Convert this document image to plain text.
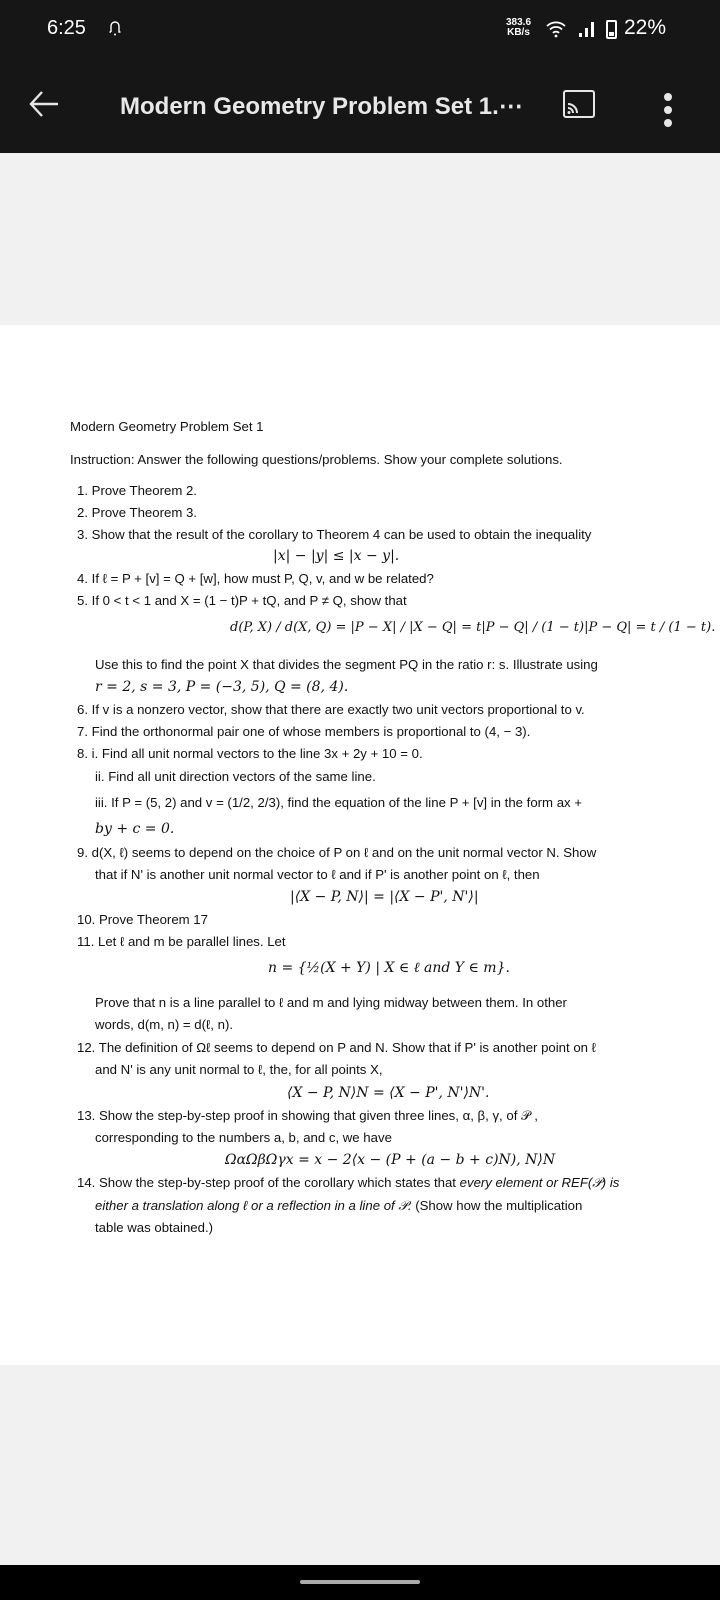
6:25	383.6
KB/s	22%
Modern Geometry Problem Set 1.⋯
Modern Geometry Problem Set 1
Instruction: Answer the following questions/problems. Show your complete solutions.
1. Prove Theorem 2.
2. Prove Theorem 3.
3. Show that the result of the corollary to Theorem 4 can be used to obtain the inequality
|x| − |y| ≤ |x − y|.
4. If ℓ = P + [v] = Q + [w], how must P, Q, v, and w be related?
5. If 0 < t < 1 and X = (1 − t)P + tQ, and P ≠ Q, show that
d(P, X) / d(X, Q) = |P − X| / |X − Q| = t|P − Q| / (1 − t)|P − Q| = t / (1 − t).
Use this to find the point X that divides the segment PQ in the ratio r: s. Illustrate using
r = 2, s = 3, P = (−3, 5), Q = (8, 4).
6. If v is a nonzero vector, show that there are exactly two unit vectors proportional to v.
7. Find the orthonormal pair one of whose members is proportional to (4, − 3).
8. i. Find all unit normal vectors to the line 3x + 2y + 10 = 0.
ii. Find all unit direction vectors of the same line.
iii. If P = (5, 2) and v = (1/2, 2/3), find the equation of the line P + [v] in the form ax +
by + c = 0.
9. d(X, ℓ) seems to depend on the choice of P on ℓ and on the unit normal vector N. Show
that if N' is another unit normal vector to ℓ and if P' is another point on ℓ, then
|⟨X − P, N⟩| = |⟨X − P', N'⟩|
10. Prove Theorem 17
11. Let ℓ and m be parallel lines. Let
n = {½(X + Y) | X ∈ ℓ and Y ∈ m}.
Prove that n is a line parallel to ℓ and m and lying midway between them. In other
words, d(m, n) = d(ℓ, n).
12. The definition of Ωℓ seems to depend on P and N. Show that if P' is another point on ℓ
and N' is any unit normal to ℓ, the, for all points X,
⟨X − P, N⟩N = ⟨X − P', N'⟩N'.
13. Show the step-by-step proof in showing that given three lines, α, β, γ, of 𝒫 ,
corresponding to the numbers a, b, and c, we have
ΩαΩβΩγx = x − 2⟨x − (P + (a − b + c)N), N⟩N
14. Show the step-by-step proof of the corollary which states that every element or REF(𝒫) is
either a translation along ℓ or a reflection in a line of 𝒫. (Show how the multiplication
table was obtained.)
